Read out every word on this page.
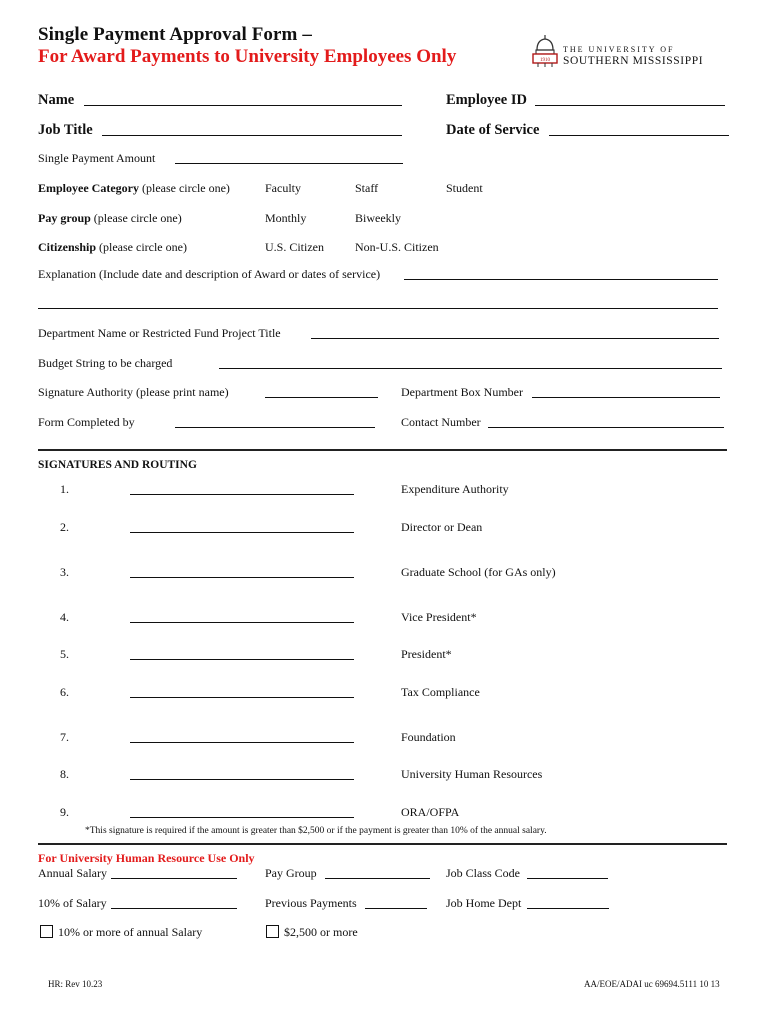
Single Payment Approval Form –
For Award Payments to University Employees Only	1910
THE UNIVERSITY OF
SOUTHERN MISSISSIPPI
Name	Employee ID
Job Title	Date of Service
Single Payment Amount
Employee Category (please circle one)	Faculty	Staff	Student
Pay group (please circle one)	Monthly	Biweekly
Citizenship (please circle one)	U.S. Citizen	Non-U.S. Citizen
Explanation (Include date and description of Award or dates of service)
Department Name or Restricted Fund Project Title
Budget String to be charged
Signature Authority (please print name)	Department Box Number
Form Completed by	Contact Number
SIGNATURES AND ROUTING
1.	Expenditure Authority
2.	Director or Dean
3.	Graduate School (for GAs only)
4.	Vice President*
5.	President*
6.	Tax Compliance
7.	Foundation
8.	University Human Resources
9.	ORA/OFPA
*This signature is required if the amount is greater than $2,500 or if the payment is greater than 10% of the annual salary.
For University Human Resource Use Only
Annual Salary	Pay Group	Job Class Code
10% of Salary	Previous Payments	Job Home Dept
10% or more of annual Salary	$2,500 or more
HR: Rev 10.23	AA/EOE/ADAI uc 69694.5111 10 13
